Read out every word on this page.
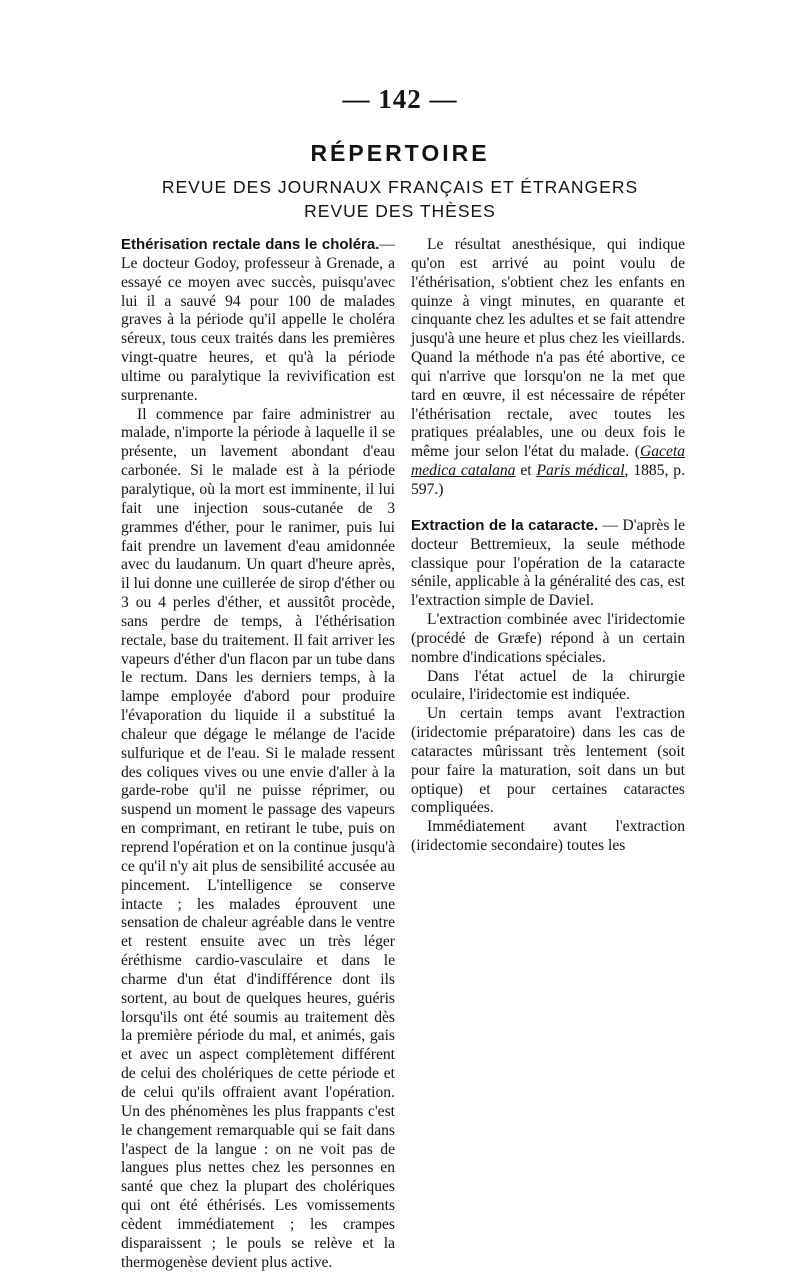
— 142 —
RÉPERTOIRE
REVUE DES JOURNAUX FRANÇAIS ET ÉTRANGERS
REVUE DES THÈSES

Ethérisation rectale dans le choléra.— Le docteur Godoy, professeur à Grenade, a essayé ce moyen avec succès, puisqu'avec lui il a sauvé 94 pour 100 de malades graves à la période qu'il appelle le choléra séreux, tous ceux traités dans les premières vingt-quatre heures, et qu'à la période ultime ou paralytique la revivification est surprenante.

Il commence par faire administrer au malade, n'importe la période à laquelle il se présente, un lavement abondant d'eau carbonée. Si le malade est à la période paralytique, où la mort est imminente, il lui fait une injection sous-cutanée de 3 grammes d'éther, pour le ranimer, puis lui fait prendre un lavement d'eau amidonnée avec du laudanum. Un quart d'heure après, il lui donne une cuillerée de sirop d'éther ou 3 ou 4 perles d'éther, et aussitôt procède, sans perdre de temps, à l'éthérisation rectale, base du traitement. Il fait arriver les vapeurs d'éther d'un flacon par un tube dans le rectum. Dans les derniers temps, à la lampe employée d'abord pour produire l'évaporation du liquide il a substitué la chaleur que dégage le mélange de l'acide sulfurique et de l'eau. Si le malade ressent des coliques vives ou une envie d'aller à la garde-robe qu'il ne puisse réprimer, ou suspend un moment le passage des vapeurs en comprimant, en retirant le tube, puis on reprend l'opération et on la continue jusqu'à ce qu'il n'y ait plus de sensibilité accusée au pincement. L'intelligence se conserve intacte ; les malades éprouvent une sensation de chaleur agréable dans le ventre et restent ensuite avec un très léger éréthisme cardio-vasculaire et dans le charme d'un état d'indifférence dont ils sortent, au bout de quelques heures, guéris lorsqu'ils ont été soumis au traitement dès la première période du mal, et animés, gais et avec un aspect complètement différent de celui des cholériques de cette période et de celui qu'ils offraient avant l'opération. Un des phénomènes les plus frappants c'est le changement remarquable qui se fait dans l'aspect de la langue : on ne voit pas de langues plus nettes chez les personnes en santé que chez la plupart des cholériques qui ont été éthérisés. Les vomissements cèdent immédiatement ; les crampes disparaissent ; le pouls se relève et la thermogenèse devient plus active.

Le résultat anesthésique, qui indique qu'on est arrivé au point voulu de l'éthérisation, s'obtient chez les enfants en quinze à vingt minutes, en quarante et cinquante chez les adultes et se fait attendre jusqu'à une heure et plus chez les vieillards. Quand la méthode n'a pas été abortive, ce qui n'arrive que lorsqu'on ne la met que tard en œuvre, il est nécessaire de répéter l'éthérisation rectale, avec toutes les pratiques préalables, une ou deux fois le même jour selon l'état du malade. (Gaceta medica catalana et Paris médical, 1885, p. 597.)

Extraction de la cataracte. — D'après le docteur Bettremieux, la seule méthode classique pour l'opération de la cataracte sénile, applicable à la généralité des cas, est l'extraction simple de Daviel.

L'extraction combinée avec l'iridectomie (procédé de Græfe) répond à un certain nombre d'indications spéciales.

Dans l'état actuel de la chirurgie oculaire, l'iridectomie est indiquée.

Un certain temps avant l'extraction (iridectomie préparatoire) dans les cas de cataractes mûrissant très lentement (soit pour faire la maturation, soit dans un but optique) et pour certaines cataractes compliquées.

Immédiatement avant l'extraction (iridectomie secondaire) toutes les
